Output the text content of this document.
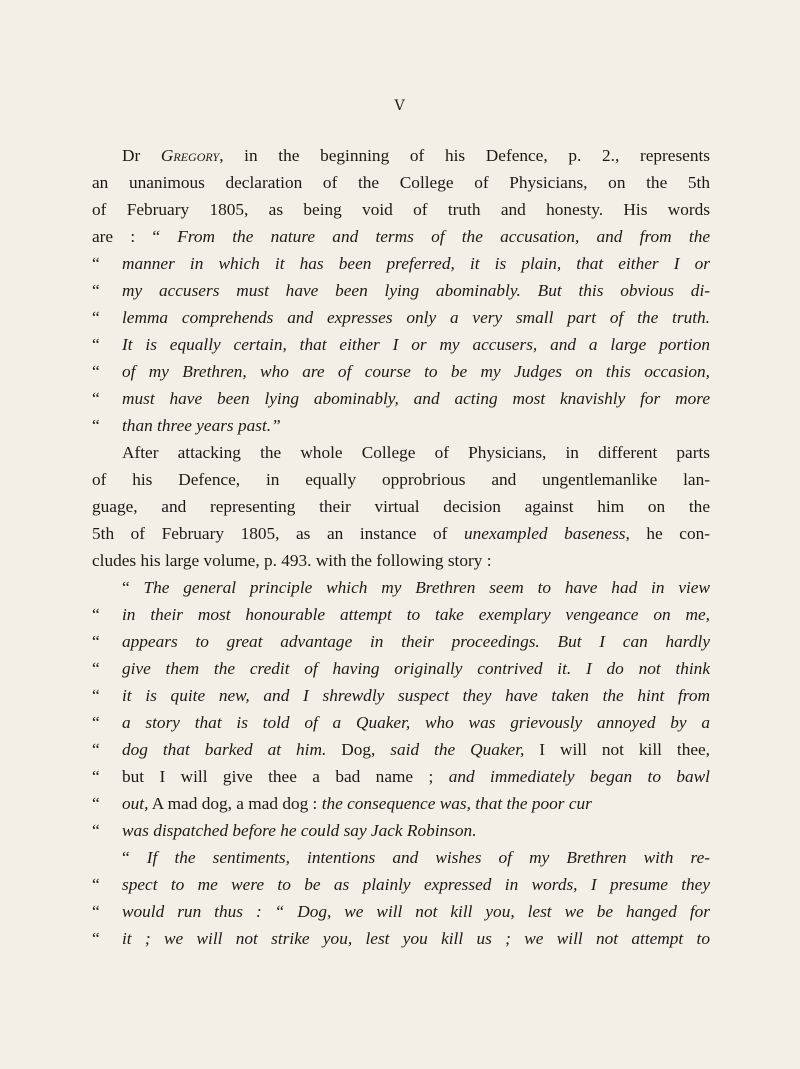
V
Dr Gregory, in the beginning of his Defence, p. 2., represents
an unanimous declaration of the College of Physicians, on the 5th
of February 1805, as being void of truth and honesty. His words
are : “ From the nature and terms of the accusation, and from the
“ manner in which it has been preferred, it is plain, that either I or
“ my accusers must have been lying abominably. But this obvious di-
“ lemma comprehends and expresses only a very small part of the truth.
“ It is equally certain, that either I or my accusers, and a large portion
“ of my Brethren, who are of course to be my Judges on this occasion,
“ must have been lying abominably, and acting most knavishly for more
“ than three years past.”
After attacking the whole College of Physicians, in different parts
of his Defence, in equally opprobrious and ungentlemanlike lan-
guage, and representing their virtual decision against him on the
5th of February 1805, as an instance of unexampled baseness, he con-
cludes his large volume, p. 493. with the following story :
“ The general principle which my Brethren seem to have had in view
“ in their most honourable attempt to take exemplary vengeance on me,
“ appears to great advantage in their proceedings. But I can hardly
“ give them the credit of having originally contrived it. I do not think
“ it is quite new, and I shrewdly suspect they have taken the hint from
“ a story that is told of a Quaker, who was grievously annoyed by a
“ dog that barked at him. Dog, said the Quaker, I will not kill thee,
“ but I will give thee a bad name ; and immediately began to bawl
“ out, A mad dog, a mad dog : the consequence was, that the poor cur
“ was dispatched before he could say Jack Robinson.
“ If the sentiments, intentions and wishes of my Brethren with re-
“ spect to me were to be as plainly expressed in words, I presume they
“ would run thus : “ Dog, we will not kill you, lest we be hanged for
“ it ; we will not strike you, lest you kill us ; we will not attempt to
